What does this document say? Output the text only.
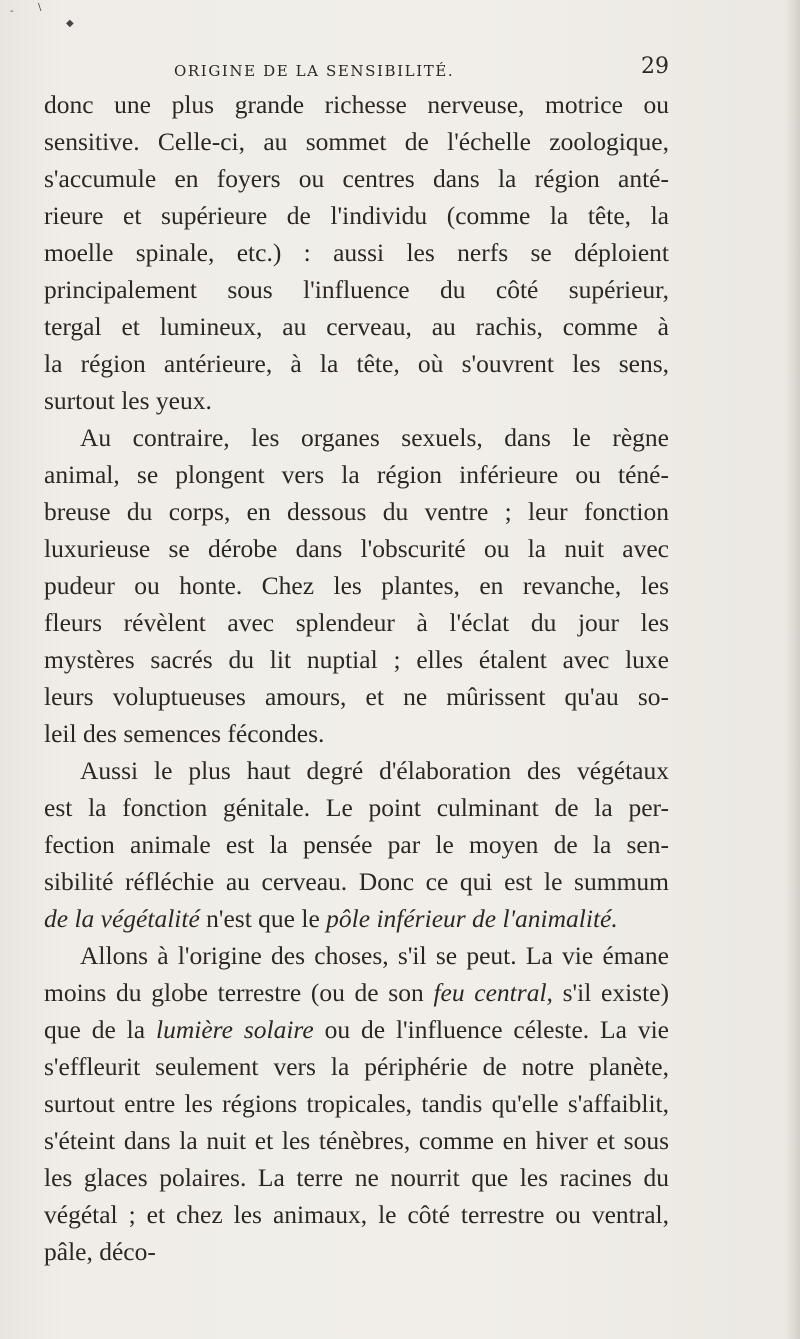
- \
◆
ORIGINE DE LA SENSIBILITÉ.	29

donc une plus grande richesse nerveuse, motrice ou
sensitive. Celle-ci, au sommet de l'échelle zoologique,
s'accumule en foyers ou centres dans la région anté-
rieure et supérieure de l'individu (comme la tête, la
moelle spinale, etc.) : aussi les nerfs se déploient
principalement sous l'influence du côté supérieur,
tergal et lumineux, au cerveau, au rachis, comme à
la région antérieure, à la tête, où s'ouvrent les sens,
surtout les yeux.

Au contraire, les organes sexuels, dans le règne
animal, se plongent vers la région inférieure ou téné-
breuse du corps, en dessous du ventre ; leur fonction
luxurieuse se dérobe dans l'obscurité ou la nuit avec
pudeur ou honte. Chez les plantes, en revanche, les
fleurs révèlent avec splendeur à l'éclat du jour les
mystères sacrés du lit nuptial ; elles étalent avec luxe
leurs voluptueuses amours, et ne mûrissent qu'au so-
leil des semences fécondes.

Aussi le plus haut degré d'élaboration des végétaux
est la fonction génitale. Le point culminant de la per-
fection animale est la pensée par le moyen de la sen-
sibilité réfléchie au cerveau. Donc ce qui est le summum
de la végétalité n'est que le pôle inférieur de l'animalité.

Allons à l'origine des choses, s'il se peut. La vie émane moins du globe terrestre (ou de son feu central, s'il existe) que de la lumière solaire ou de l'influence céleste. La vie s'effleurit seulement vers la périphérie de notre planète, surtout entre les régions tropicales, tandis qu'elle s'affaiblit, s'éteint dans la nuit et les ténèbres, comme en hiver et sous les glaces polaires. La terre ne nourrit que les racines du végétal ; et chez les animaux, le côté terrestre ou ventral, pâle, déco-
